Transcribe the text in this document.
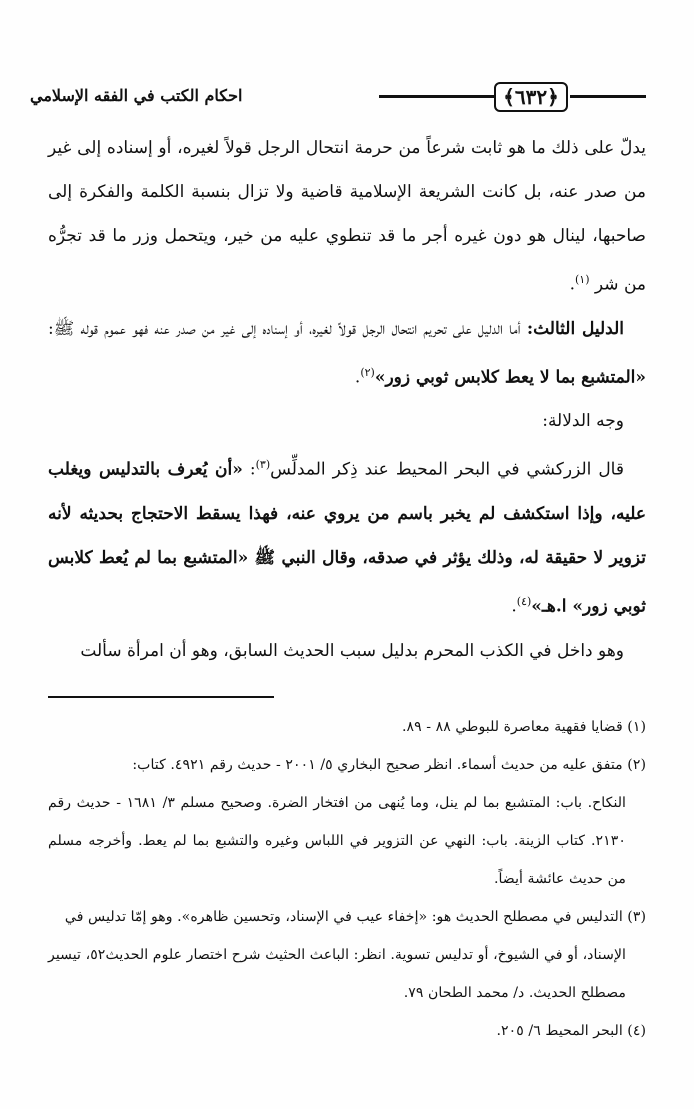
﴿٦٣٢﴾
احكام الكتب في الفقه الإسلامي

يدلّ على ذلك ما هو ثابت شرعاً من حرمة انتحال الرجل قولاً لغيره، أو إسناده إلى غير من صدر عنه، بل كانت الشريعة الإسلامية قاضية ولا تزال بنسبة الكلمة والفكرة إلى صاحبها، لينال هو دون غيره أجر ما قد تنطوي عليه من خير، ويتحمل وزر ما قد تجرُّه من شر $^{(١)}$.

الدليل الثالث: أما الدليل على تحريم انتحال الرجل قولاً لغيره، أو إسناده إلى غير من صدر عنه فهو عموم قوله ﷺ: «المتشبع بما لا يعط كلابس ثوبي زور»$^{(٢)}$.

وجه الدلالة:

قال الزركشي في البحر المحيط عند ذِكر المدلِّس$^{(٣)}$: «أن يُعرف بالتدليس ويغلب عليه، وإذا استكشف لم يخبر باسم من يروي عنه، فهذا يسقط الاحتجاج بحديثه لأنه تزوير لا حقيقة له، وذلك يؤثر في صدقه، وقال النبي ﷺ «المتشبع بما لم يُعط كلابس ثوبي زور» ا.هـ»$^{(٤)}$.

وهو داخل في الكذب المحرم بدليل سبب الحديث السابق، وهو أن امرأة سألت

(١) قضايا فقهية معاصرة للبوطي ٨٨ - ٨٩.

(٢) متفق عليه من حديث أسماء. انظر صحيح البخاري ٥/ ٢٠٠١ - حديث رقم ٤٩٢١. كتاب:

النكاح. باب: المتشبع بما لم ينل، وما يُنهى من افتخار الضرة. وصحيح مسلم ٣/ ١٦٨١ - حديث رقم ٢١٣٠. كتاب الزينة. باب: النهي عن التزوير في اللباس وغيره والتشبع بما لم يعط. وأخرجه مسلم من حديث عائشة أيضاً.

(٣) التدليس في مصطلح الحديث هو: «إخفاء عيب في الإسناد، وتحسين ظاهره». وهو إمّا تدليس في

الإسناد، أو في الشيوخ، أو تدليس تسوية. انظر: الباعث الحثيث شرح اختصار علوم الحديث٥٢، تيسير مصطلح الحديث. د/ محمد الطحان ٧٩.

(٤) البحر المحيط ٦/ ٢٠٥.
